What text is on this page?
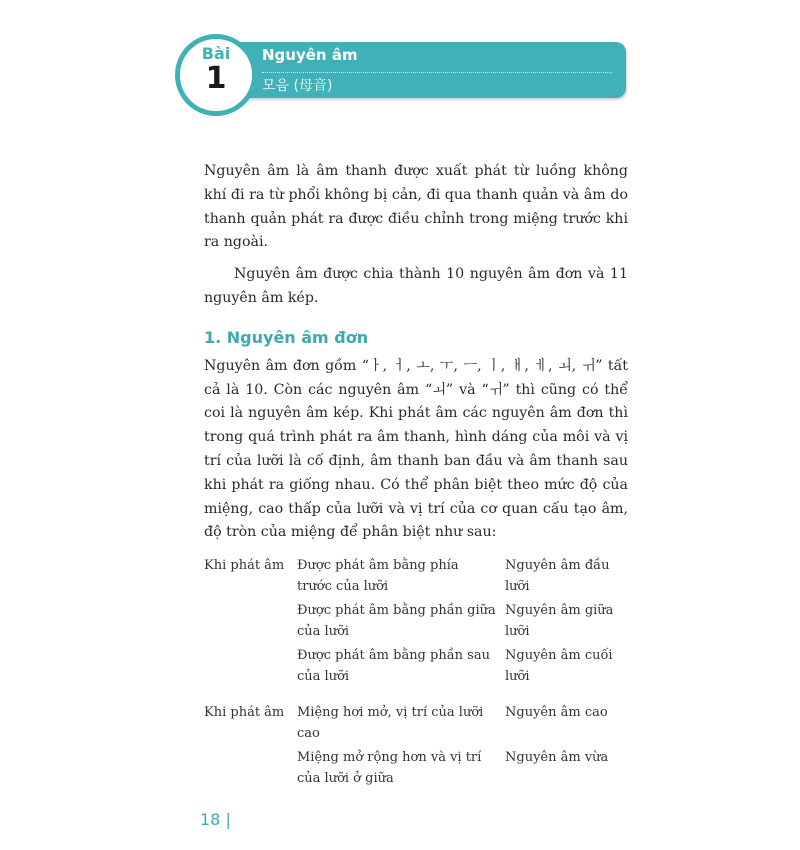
Nguyên âm
모음 (母音)
Bài
1

Nguyên âm là âm thanh được xuất phát từ luồng không khí đi ra từ phổi không bị cản, đi qua thanh quản và âm do thanh quản phát ra được điều chỉnh trong miệng trước khi ra ngoài.

Nguyên âm được chia thành 10 nguyên âm đơn và 11 nguyên âm kép.

1. Nguyên âm đơn

Nguyên âm đơn gồm “ㅏ, ㅓ, ㅗ, ㅜ, ㅡ, ㅣ, ㅐ, ㅔ, ㅚ, ㅟ” tất cả là 10. Còn các nguyên âm “ㅚ” và “ㅟ” thì cũng có thể coi là nguyên âm kép. Khi phát âm các nguyên âm đơn thì trong quá trình phát ra âm thanh, hình dáng của môi và vị trí của lưỡi là cố định, âm thanh ban đầu và âm thanh sau khi phát ra giống nhau. Có thể phân biệt theo mức độ của miệng, cao thấp của lưỡi và vị trí của cơ quan cấu tạo âm, độ tròn của miệng để phân biệt như sau:

Khi phát âm	Được phát âm bằng phía trước của lưỡi	Nguyên âm đầu lưỡi
	Được phát âm bằng phần giữa của lưỡi	Nguyên âm giữa lưỡi
	Được phát âm bằng phần sau của lưỡi	Nguyên âm cuối lưỡi
Khi phát âm	Miệng hơi mở, vị trí của lưỡi cao	Nguyên âm cao
	Miệng mở rộng hơn và vị trí của lưỡi ở giữa	Nguyên âm vừa
18 |
